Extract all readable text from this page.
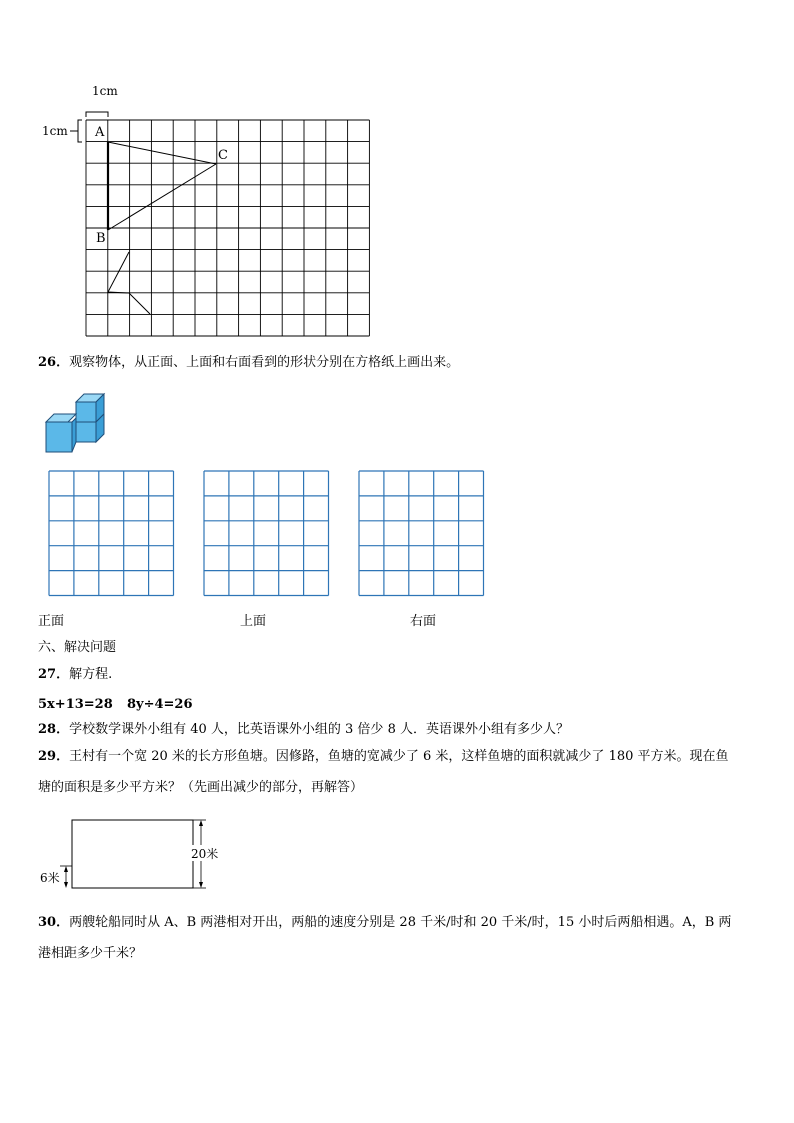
1cm
1cm A
B
C
26．观察物体，从正面、上面和右面看到的形状分别在方格纸上画出来。
正面	上面	右面
六、解决问题
27．解方程.
5x+13=28 8y÷4=26
28．学校数学课外小组有 40 人，比英语课外小组的 3 倍少 8 人．英语课外小组有多少人？
29．王村有一个宽 20 米的长方形鱼塘。因修路，鱼塘的宽减少了 6 米，这样鱼塘的面积就减少了 180 平方米。现在鱼
塘的面积是多少平方米？（先画出减少的部分，再解答）
20米
6米
30．两艘轮船同时从 A、B 两港相对开出，两船的速度分别是 28 千米/时和 20 千米/时，15 小时后两船相遇。A，B 两
港相距多少千米？
